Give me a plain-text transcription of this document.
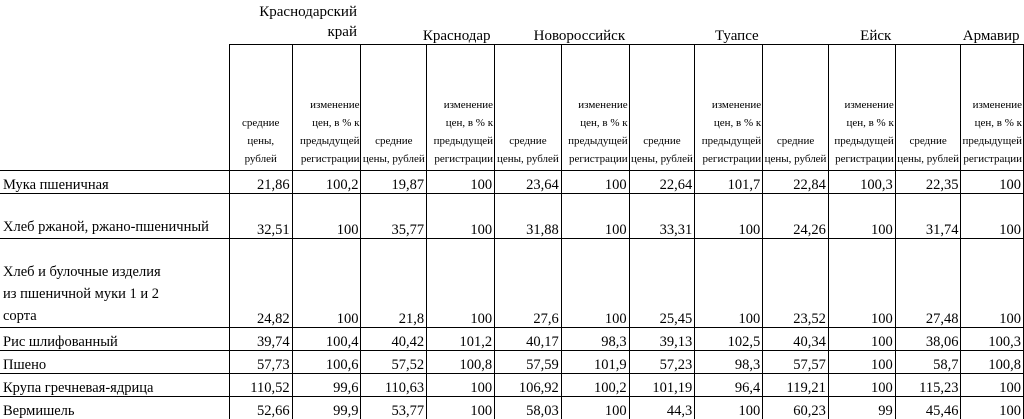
	Краснодарский край		Краснодар		Новороссийск		Туапсе		Ейск		Армавир	
	средние цены, рублей	изменение цен, в % к предыдущей регистрации	средние цены, рублей	изменение цен, в % к предыдущей регистрации	средние цены, рублей	изменение цен, в % к предыдущей регистрации	средние цены, рублей	изменение цен, в % к предыдущей регистрации	средние цены, рублей	изменение цен, в % к предыдущей регистрации	средние цены, рублей	изменение цен, в % к предыдущей регистрации
Мука пшеничная	21,86	100,2	19,87	100	23,64	100	22,64	101,7	22,84	100,3	22,35	100
Хлеб ржаной, ржано-пшеничный	32,51	100	35,77	100	31,88	100	33,31	100	24,26	100	31,74	100
Хлеб и булочные изделия из пшеничной муки 1 и 2 сорта	24,82	100	21,8	100	27,6	100	25,45	100	23,52	100	27,48	100
Рис шлифованный	39,74	100,4	40,42	101,2	40,17	98,3	39,13	102,5	40,34	100	38,06	100,3
Пшено	57,73	100,6	57,52	100,8	57,59	101,9	57,23	98,3	57,57	100	58,7	100,8
Крупа гречневая-ядрица	110,52	99,6	110,63	100	106,92	100,2	101,19	96,4	119,21	100	115,23	100
Вермишель	52,66	99,9	53,77	100	58,03	100	44,3	100	60,23	99	45,46	100
